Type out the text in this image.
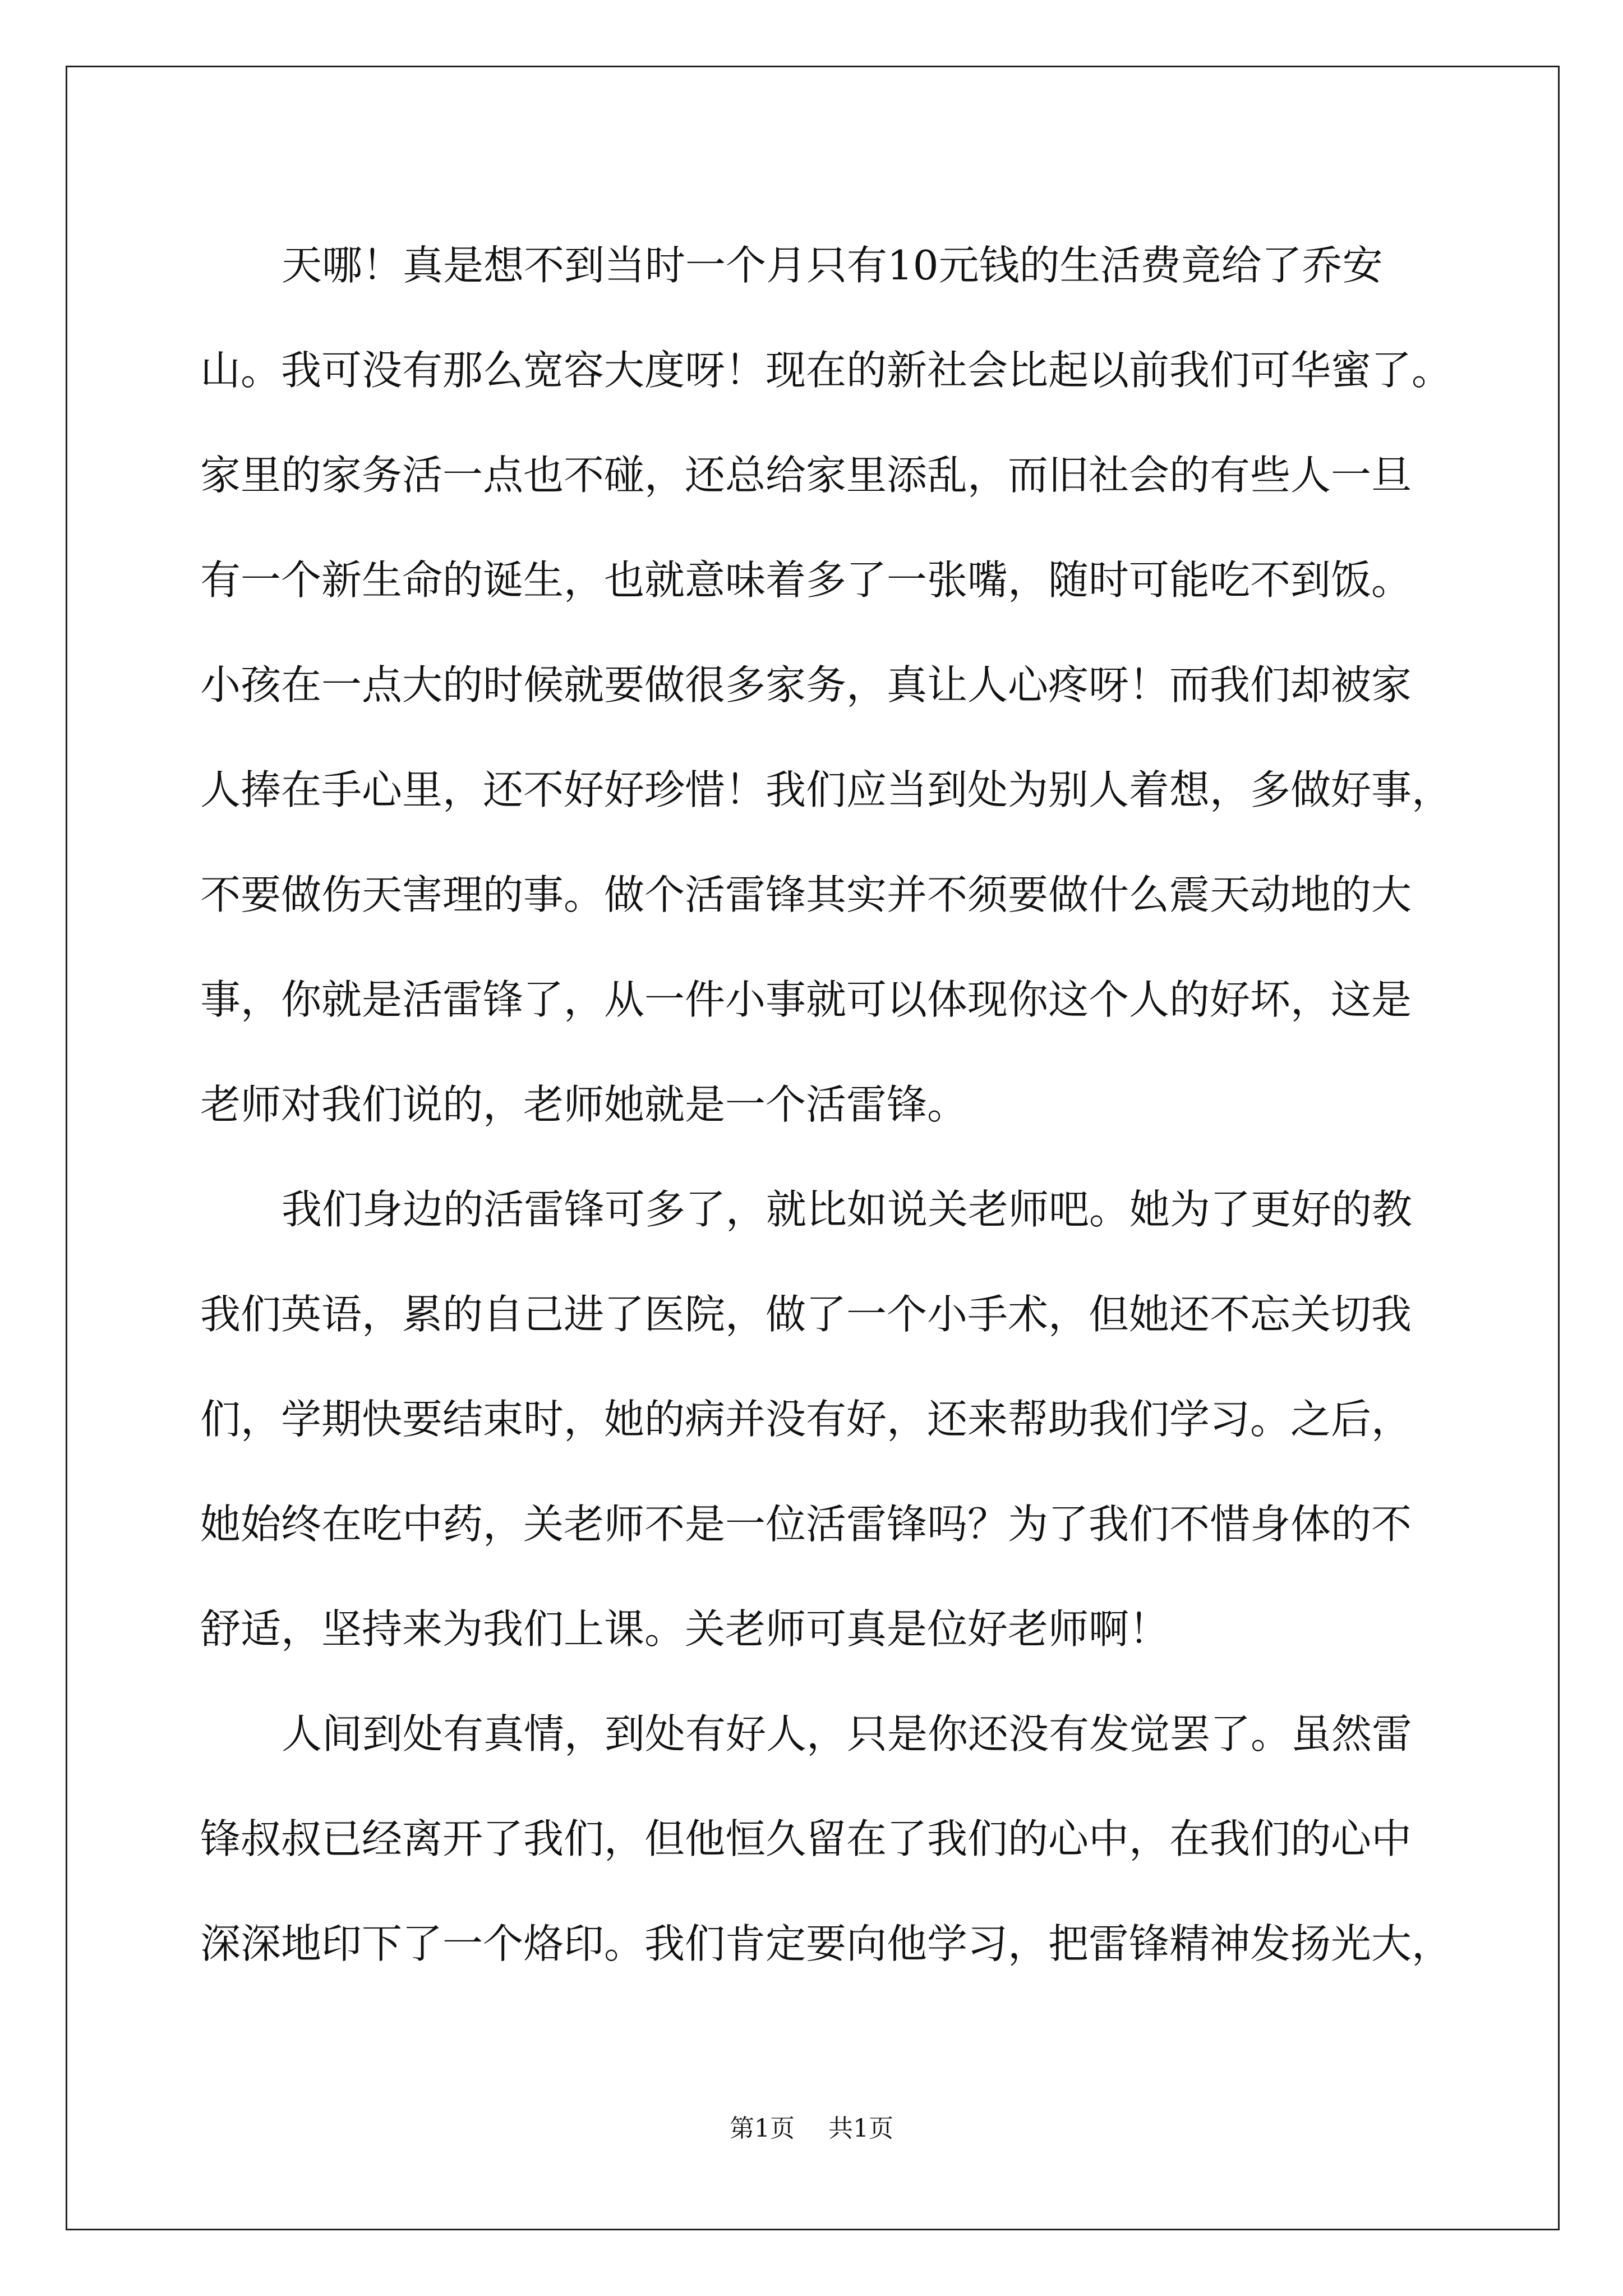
天哪！真是想不到当时一个月只有10元钱的生活费竟给了乔安
山。我可没有那么宽容大度呀！现在的新社会比起以前我们可华蜜了。
家里的家务活一点也不碰，还总给家里添乱，而旧社会的有些人一旦
有一个新生命的诞生，也就意味着多了一张嘴，随时可能吃不到饭。
小孩在一点大的时候就要做很多家务，真让人心疼呀！而我们却被家
人捧在手心里，还不好好珍惜！我们应当到处为别人着想，多做好事，
不要做伤天害理的事。做个活雷锋其实并不须要做什么震天动地的大
事，你就是活雷锋了，从一件小事就可以体现你这个人的好坏，这是
老师对我们说的，老师她就是一个活雷锋。
我们身边的活雷锋可多了，就比如说关老师吧。她为了更好的教
我们英语，累的自己进了医院，做了一个小手术，但她还不忘关切我
们，学期快要结束时，她的病并没有好，还来帮助我们学习。之后，
她始终在吃中药，关老师不是一位活雷锋吗？为了我们不惜身体的不
舒适，坚持来为我们上课。关老师可真是位好老师啊！
人间到处有真情，到处有好人，只是你还没有发觉罢了。虽然雷
锋叔叔已经离开了我们，但他恒久留在了我们的心中，在我们的心中
深深地印下了一个烙印。我们肯定要向他学习，把雷锋精神发扬光大，
第1页 共1页
